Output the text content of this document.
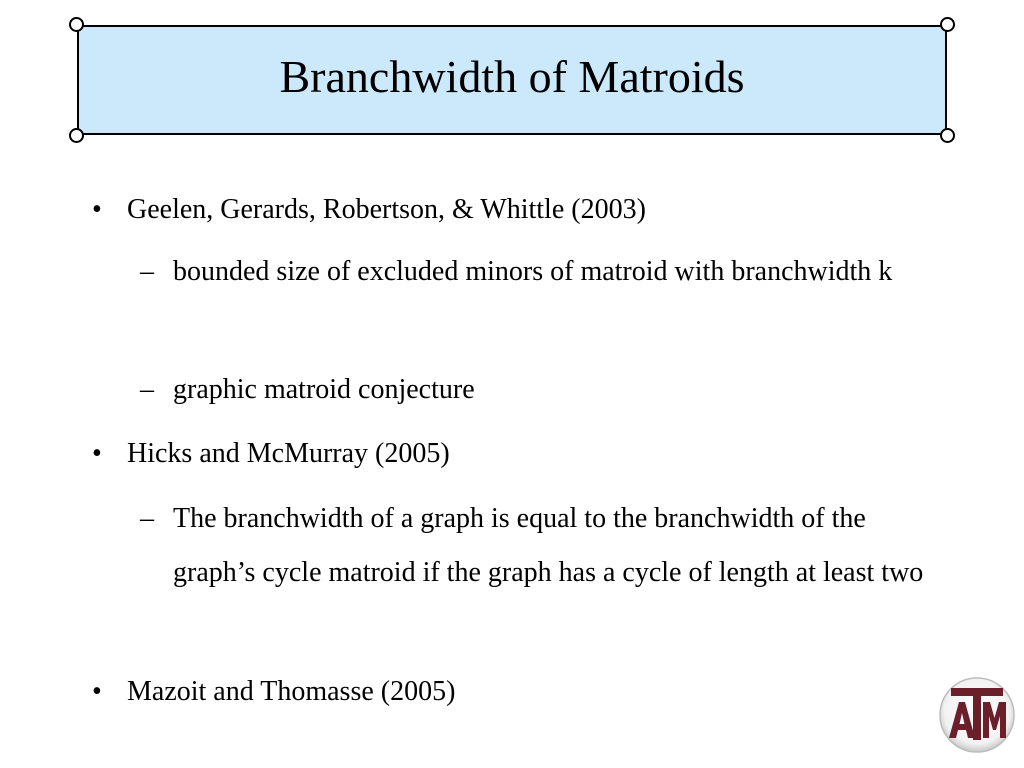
Branchwidth of Matroids
• Geelen, Gerards, Robertson, & Whittle (2003)
– bounded size of excluded minors of matroid with branchwidth k
– graphic matroid conjecture
• Hicks and McMurray (2005)
– The branchwidth of a graph is equal to the branchwidth of the graph’s cycle matroid if the graph has a cycle of length at least two
• Mazoit and Thomasse (2005)
